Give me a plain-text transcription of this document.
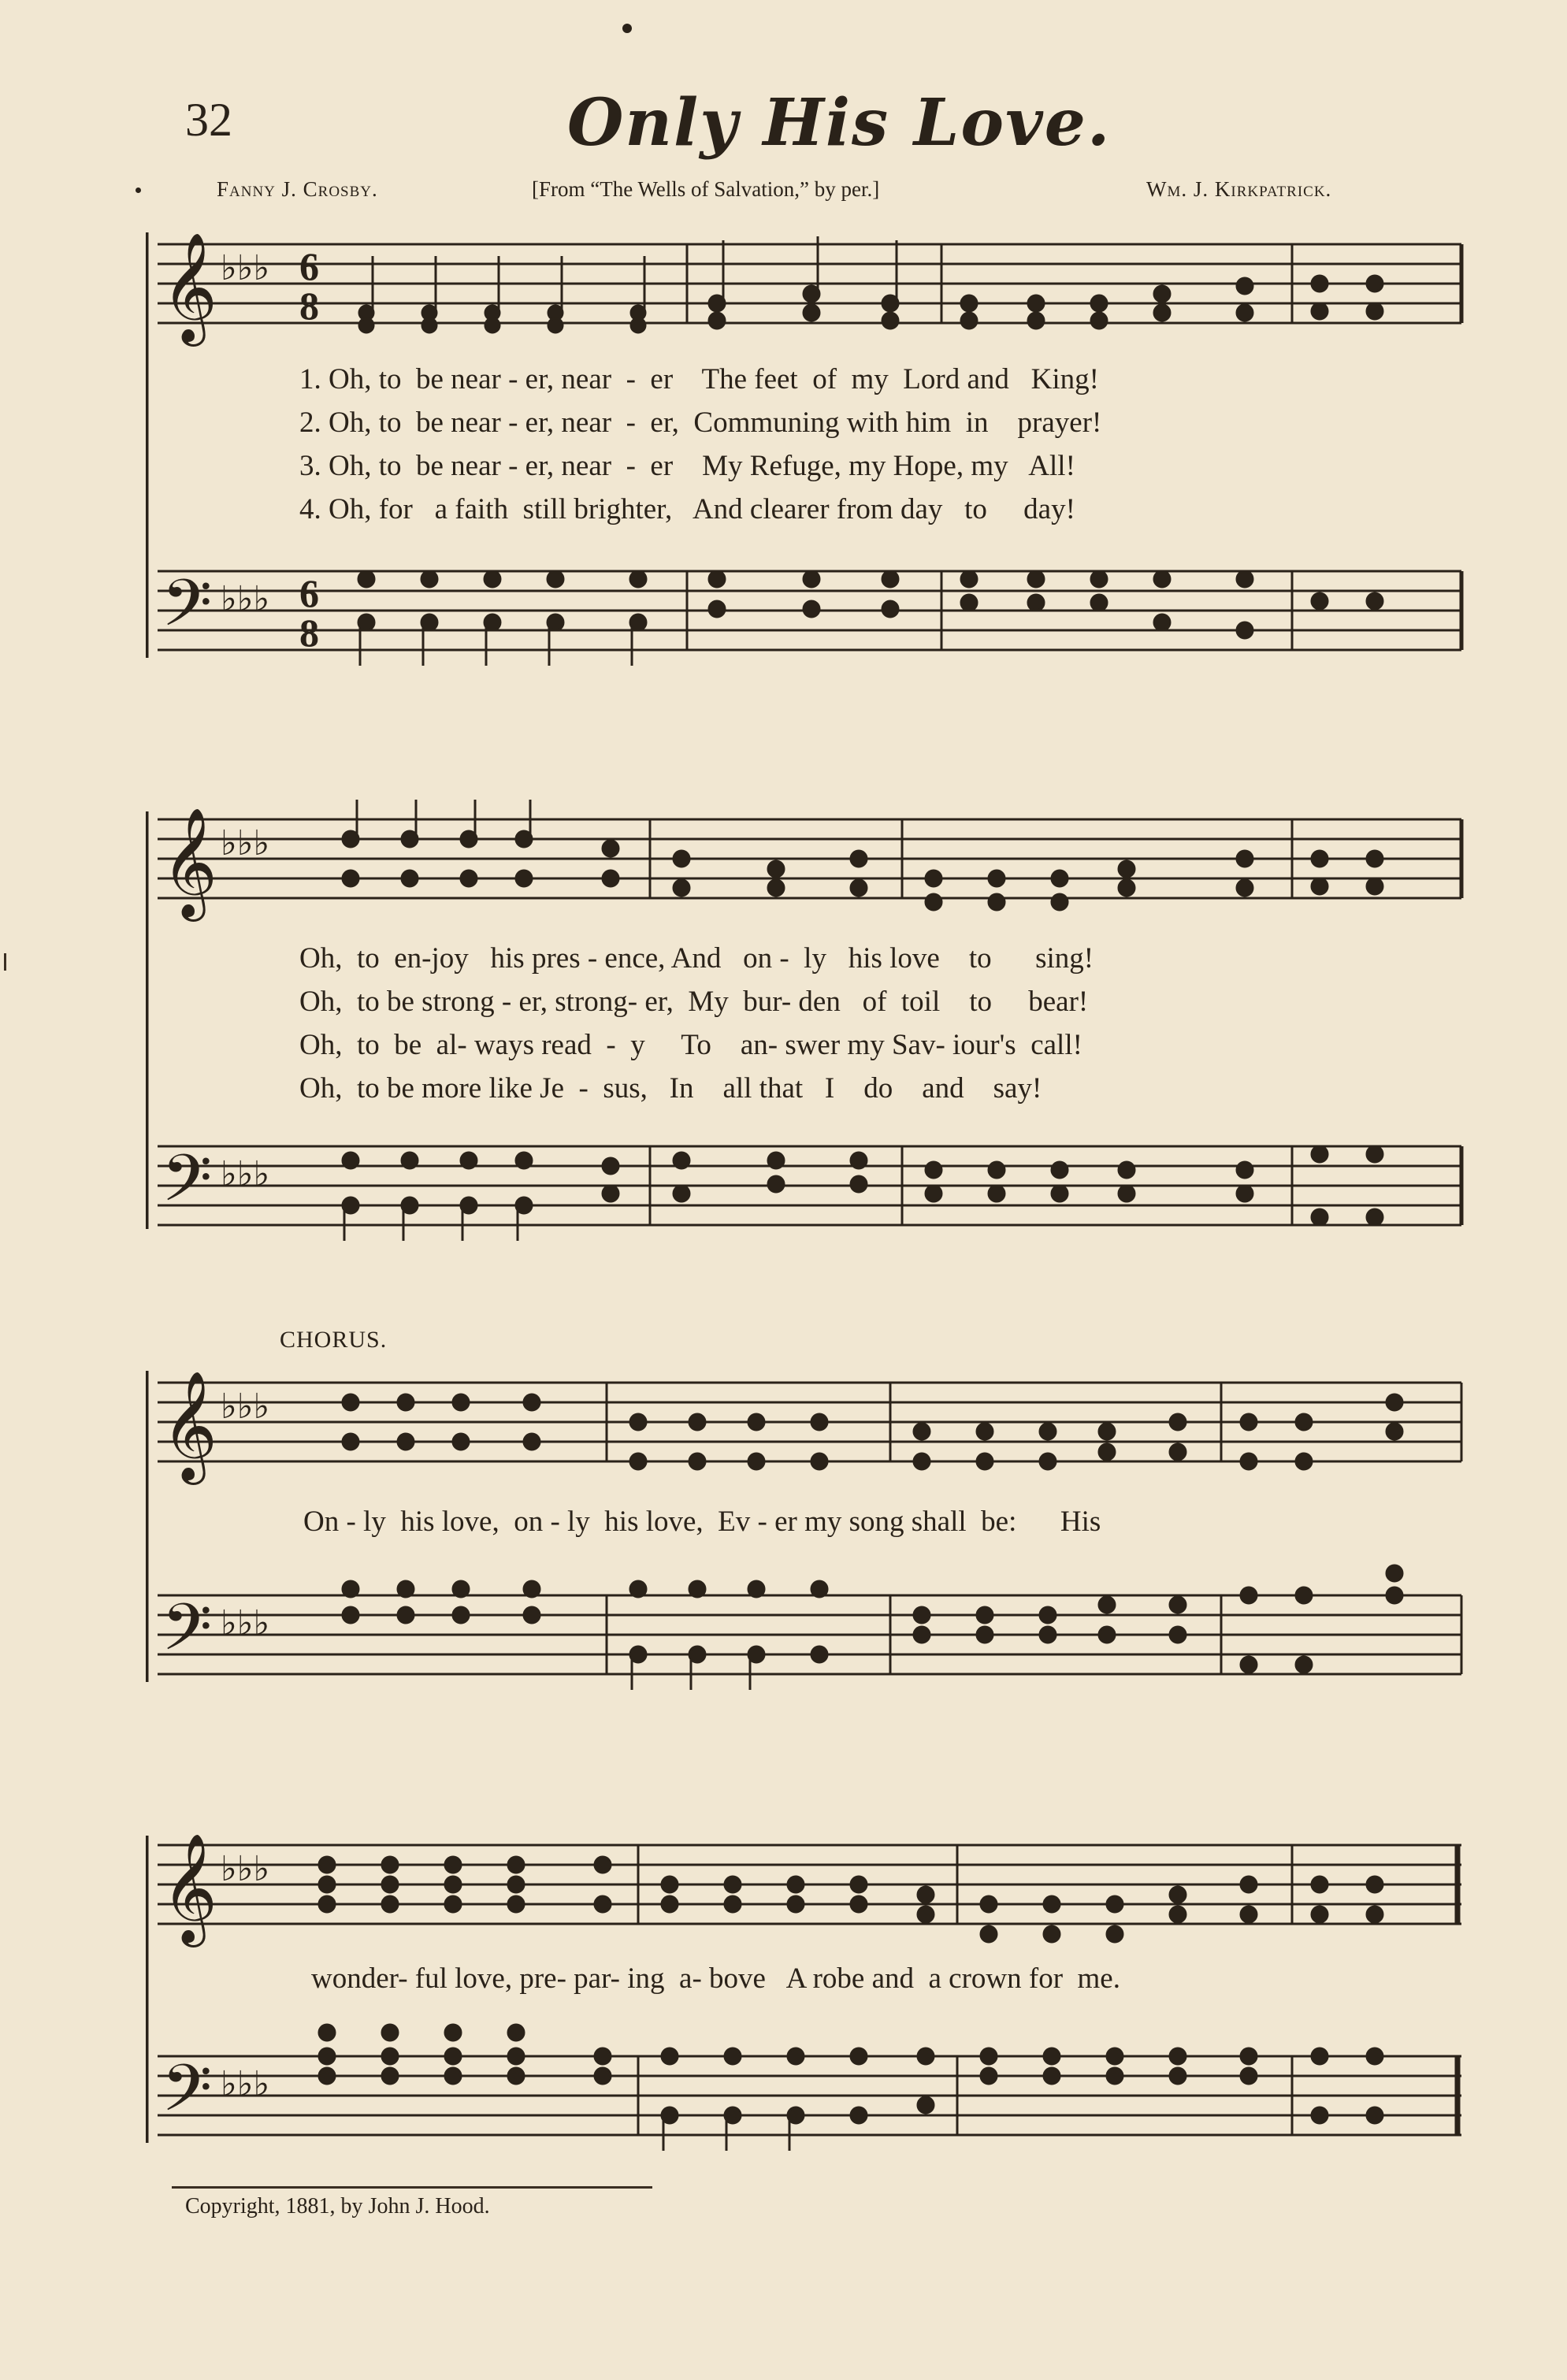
32	Only His Love.
Fanny J. Crosby.	[From “The Wells of Salvation,” by per.]	Wm. J. Kirkpatrick.
𝄞
𝄢
♭♭♭
♭♭♭
6
8
6
8
1. Oh, to  be near - er, near  -  er    The feet  of  my  Lord and   King!
2. Oh, to  be near - er, near  -  er,  Communing with him  in    prayer!
3. Oh, to  be near - er, near  -  er    My Refuge, my Hope, my   All!
4. Oh, for   a faith  still brighter,   And clearer from day   to     day!
𝄞
𝄢
♭♭♭
♭♭♭
Oh,  to  en-joy   his pres - ence, And   on -  ly   his love    to      sing!
Oh,  to be strong - er, strong- er,  My  bur- den   of  toil    to     bear!
Oh,  to  be  al- ways read  -  y     To    an- swer my Sav- iour's  call!
Oh,  to be more like Je  -  sus,   In    all that   I    do    and    say!
CHORUS.
𝄞
𝄢
♭♭♭
♭♭♭
On - ly  his love,  on - ly  his love,  Ev - er my song shall  be:      His
𝄞
𝄢
♭♭♭
♭♭♭
wonder- ful love, pre- par- ing  a- bove   A robe and  a crown for  me.
Copyright, 1881, by John J. Hood.
